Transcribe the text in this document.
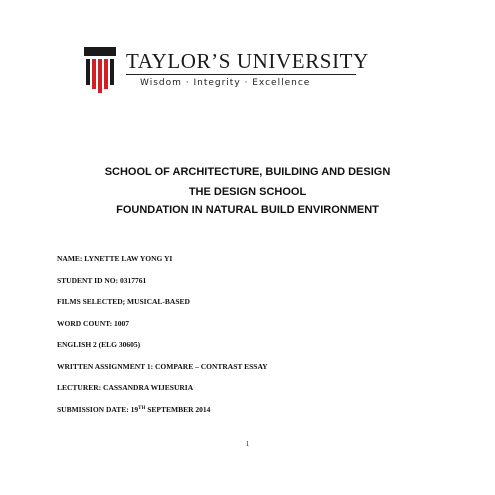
TAYLOR’S UNIVERSITY
Wisdom · Integrity · Excellence
SCHOOL OF ARCHITECTURE, BUILDING AND DESIGN
THE DESIGN SCHOOL
FOUNDATION IN NATURAL BUILD ENVIRONMENT
NAME: LYNETTE LAW YONG YI
STUDENT ID NO: 0317761
FILMS SELECTED; MUSICAL-BASED
WORD COUNT: 1007
ENGLISH 2 (ELG 30605)
WRITTEN ASSIGNMENT 1: COMPARE – CONTRAST ESSAY
LECTURER: CASSANDRA WIJESURIA
SUBMISSION DATE: 19TH SEPTEMBER 2014
1
